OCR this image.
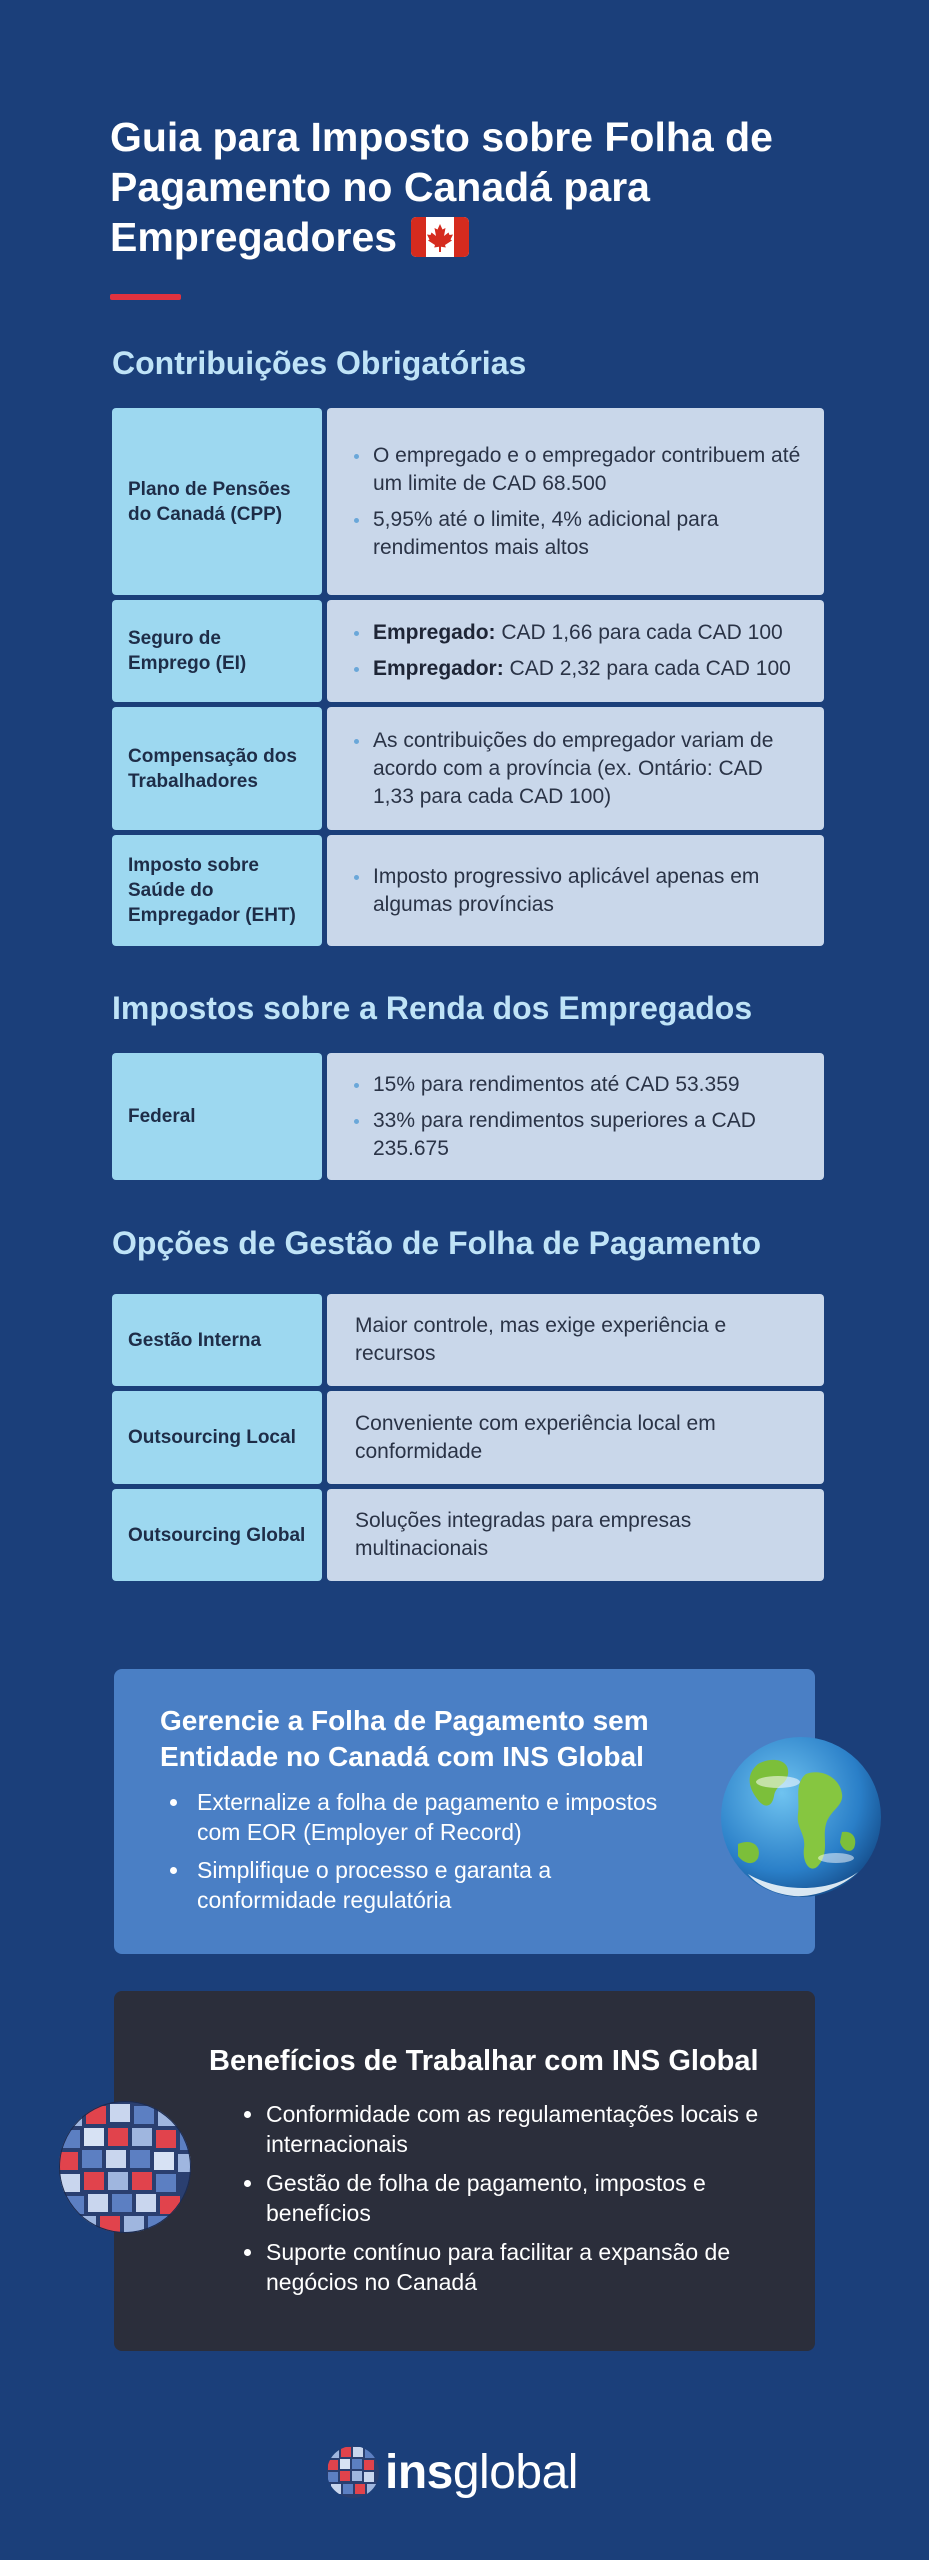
Guia para Imposto sobre Folha de Pagamento no Canadá para Empregadores
Contribuições Obrigatórias
Plano de Pensões do Canadá (CPP)
O empregado e o empregador contribuem até um limite de CAD 68.500
5,95% até o limite, 4% adicional para rendimentos mais altos
Seguro de Emprego (EI)
Empregado: CAD 1,66 para cada CAD 100
Empregador: CAD 2,32 para cada CAD 100
Compensação dos Trabalhadores
As contribuições do empregador variam de acordo com a província (ex. Ontário: CAD 1,33 para cada CAD 100)
Imposto sobre Saúde do Empregador (EHT)
Imposto progressivo aplicável apenas em algumas províncias
Impostos sobre a Renda dos Empregados
Federal
15% para rendimentos até CAD 53.359
33% para rendimentos superiores a CAD 235.675
Opções de Gestão de Folha de Pagamento
Gestão Interna
Maior controle, mas exige experiência e recursos
Outsourcing Local
Conveniente com experiência local em conformidade
Outsourcing Global
Soluções integradas para empresas multinacionais
Gerencie a Folha de Pagamento sem Entidade no Canadá com INS Global
Externalize a folha de pagamento e impostos com EOR (Employer of Record)
Simplifique o processo e garanta a conformidade regulatória
Benefícios de Trabalhar com INS Global
Conformidade com as regulamentações locais e internacionais
Gestão de folha de pagamento, impostos e benefícios
Suporte contínuo para facilitar a expansão de negócios no Canadá
insglobal
